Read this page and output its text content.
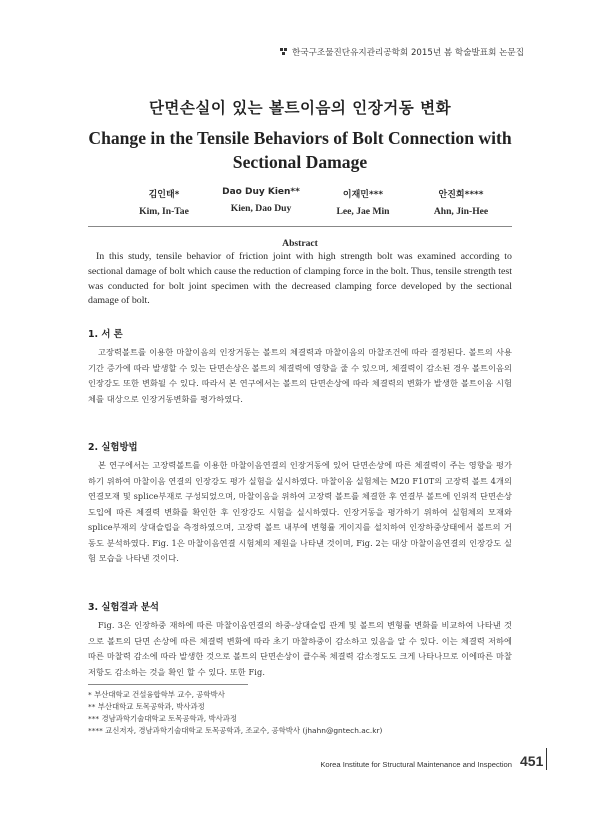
한국구조물진단유지관리공학회 2015년 봄 학술발표회 논문집
단면손실이 있는 볼트이음의 인장거동 변화
Change in the Tensile Behaviors of Bolt Connection with Sectional Damage
김인태*
Kim, In-Tae
Dao Duy Kien**
Kien, Dao Duy
이재민***
Lee, Jae Min
안진희****
Ahn, Jin-Hee
Abstract

In this study, tensile behavior of friction joint with high strength bolt was examined according to sectional damage of bolt which cause the reduction of clamping force in the bolt. Thus, tensile strength test was conducted for bolt joint specimen with the decreased clamping force developed by the sectional damage of bolt.

1. 서 론

고장력볼트를 이용한 마찰이음의 인장거동는 볼트의 체결력과 마찰이음의 마찰조건에 따라 결정된다. 볼트의 사용기간 증가에 따라 발생할 수 있는 단면손상은 볼트의 체결력에 영향을 줄 수 있으며, 체결력이 감소된 경우 볼트이음의 인장강도 또한 변화될 수 있다. 따라서 본 연구에서는 볼트의 단면손상에 따라 체결력의 변화가 발생한 볼트이음 시험체를 대상으로 인장거동변화를 평가하였다.

2. 실험방법

본 연구에서는 고장력볼트를 이용한 마찰이음연결의 인장거동에 있어 단면손상에 따른 체결력이 주는 영향을 평가하기 위하여 마찰이음 연결의 인장강도 평가 실험을 실시하였다. 마찰이음 실험체는 M20 F10T의 고장력 볼트 4개의 연결모재 및 splice부재로 구성되었으며, 마찰이음을 위하여 고장력 볼트를 체결한 후 연결부 볼트에 인위적 단면손상 도입에 따른 체결력 변화를 확인한 후 인장강도 시험을 실시하였다. 인장거동을 평가하기 위하여 실험체의 모재와 splice부재의 상대슬립을 측정하였으며, 고장력 볼트 내부에 변형률 게이지를 설치하여 인장하중상태에서 볼트의 거동도 분석하였다. Fig. 1은 마찰이음연결 시험체의 제원을 나타낸 것이며, Fig. 2는 대상 마찰이음연결의 인장강도 실험 모습을 나타낸 것이다.

3. 실험결과 분석

Fig. 3은 인장하중 재하에 따른 마찰이음연결의 하중-상대슬립 관계 및 볼트의 변형률 변화를 비교하여 나타낸 것으로 볼트의 단면 손상에 따른 체결력 변화에 따라 초기 마찰하중이 감소하고 있음을 알 수 있다. 이는 체결력 저하에 따른 마찰력 감소에 따라 발생한 것으로 볼트의 단면손상이 클수록 체결력 감소정도도 크게 나타나므로 이에따른 마찰저항도 감소하는 것을 확인 할 수 있다. 또한 Fig.

* 부산대학교 건설융합학부 교수, 공학박사
** 부산대학교 토목공학과, 박사과정
*** 경남과학기술대학교 토목공학과, 박사과정
**** 교신저자, 경남과학기술대학교 토목공학과, 조교수, 공학박사 (jhahn@gntech.ac.kr)
Korea Institute for Structural Maintenance and Inspection 451
